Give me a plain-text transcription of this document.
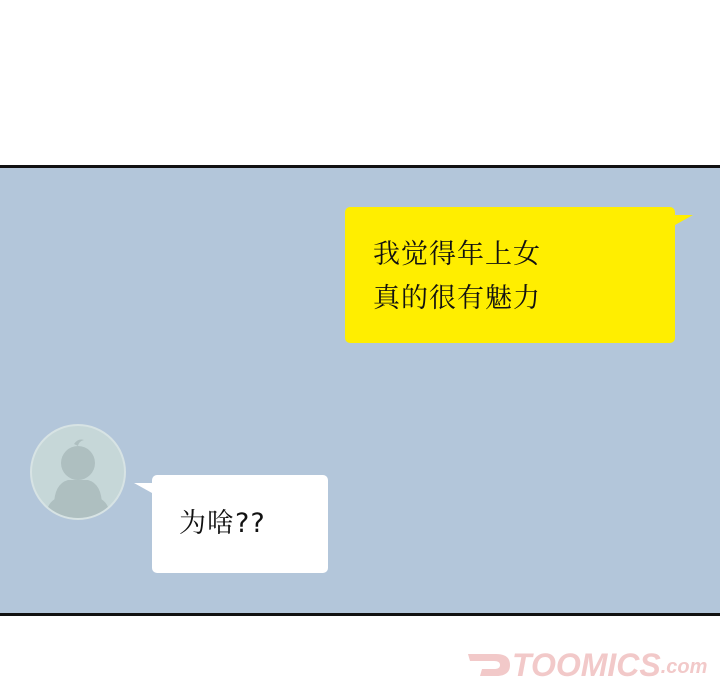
我觉得年上女
真的很有魅力
为啥??
TOOMICS .com
